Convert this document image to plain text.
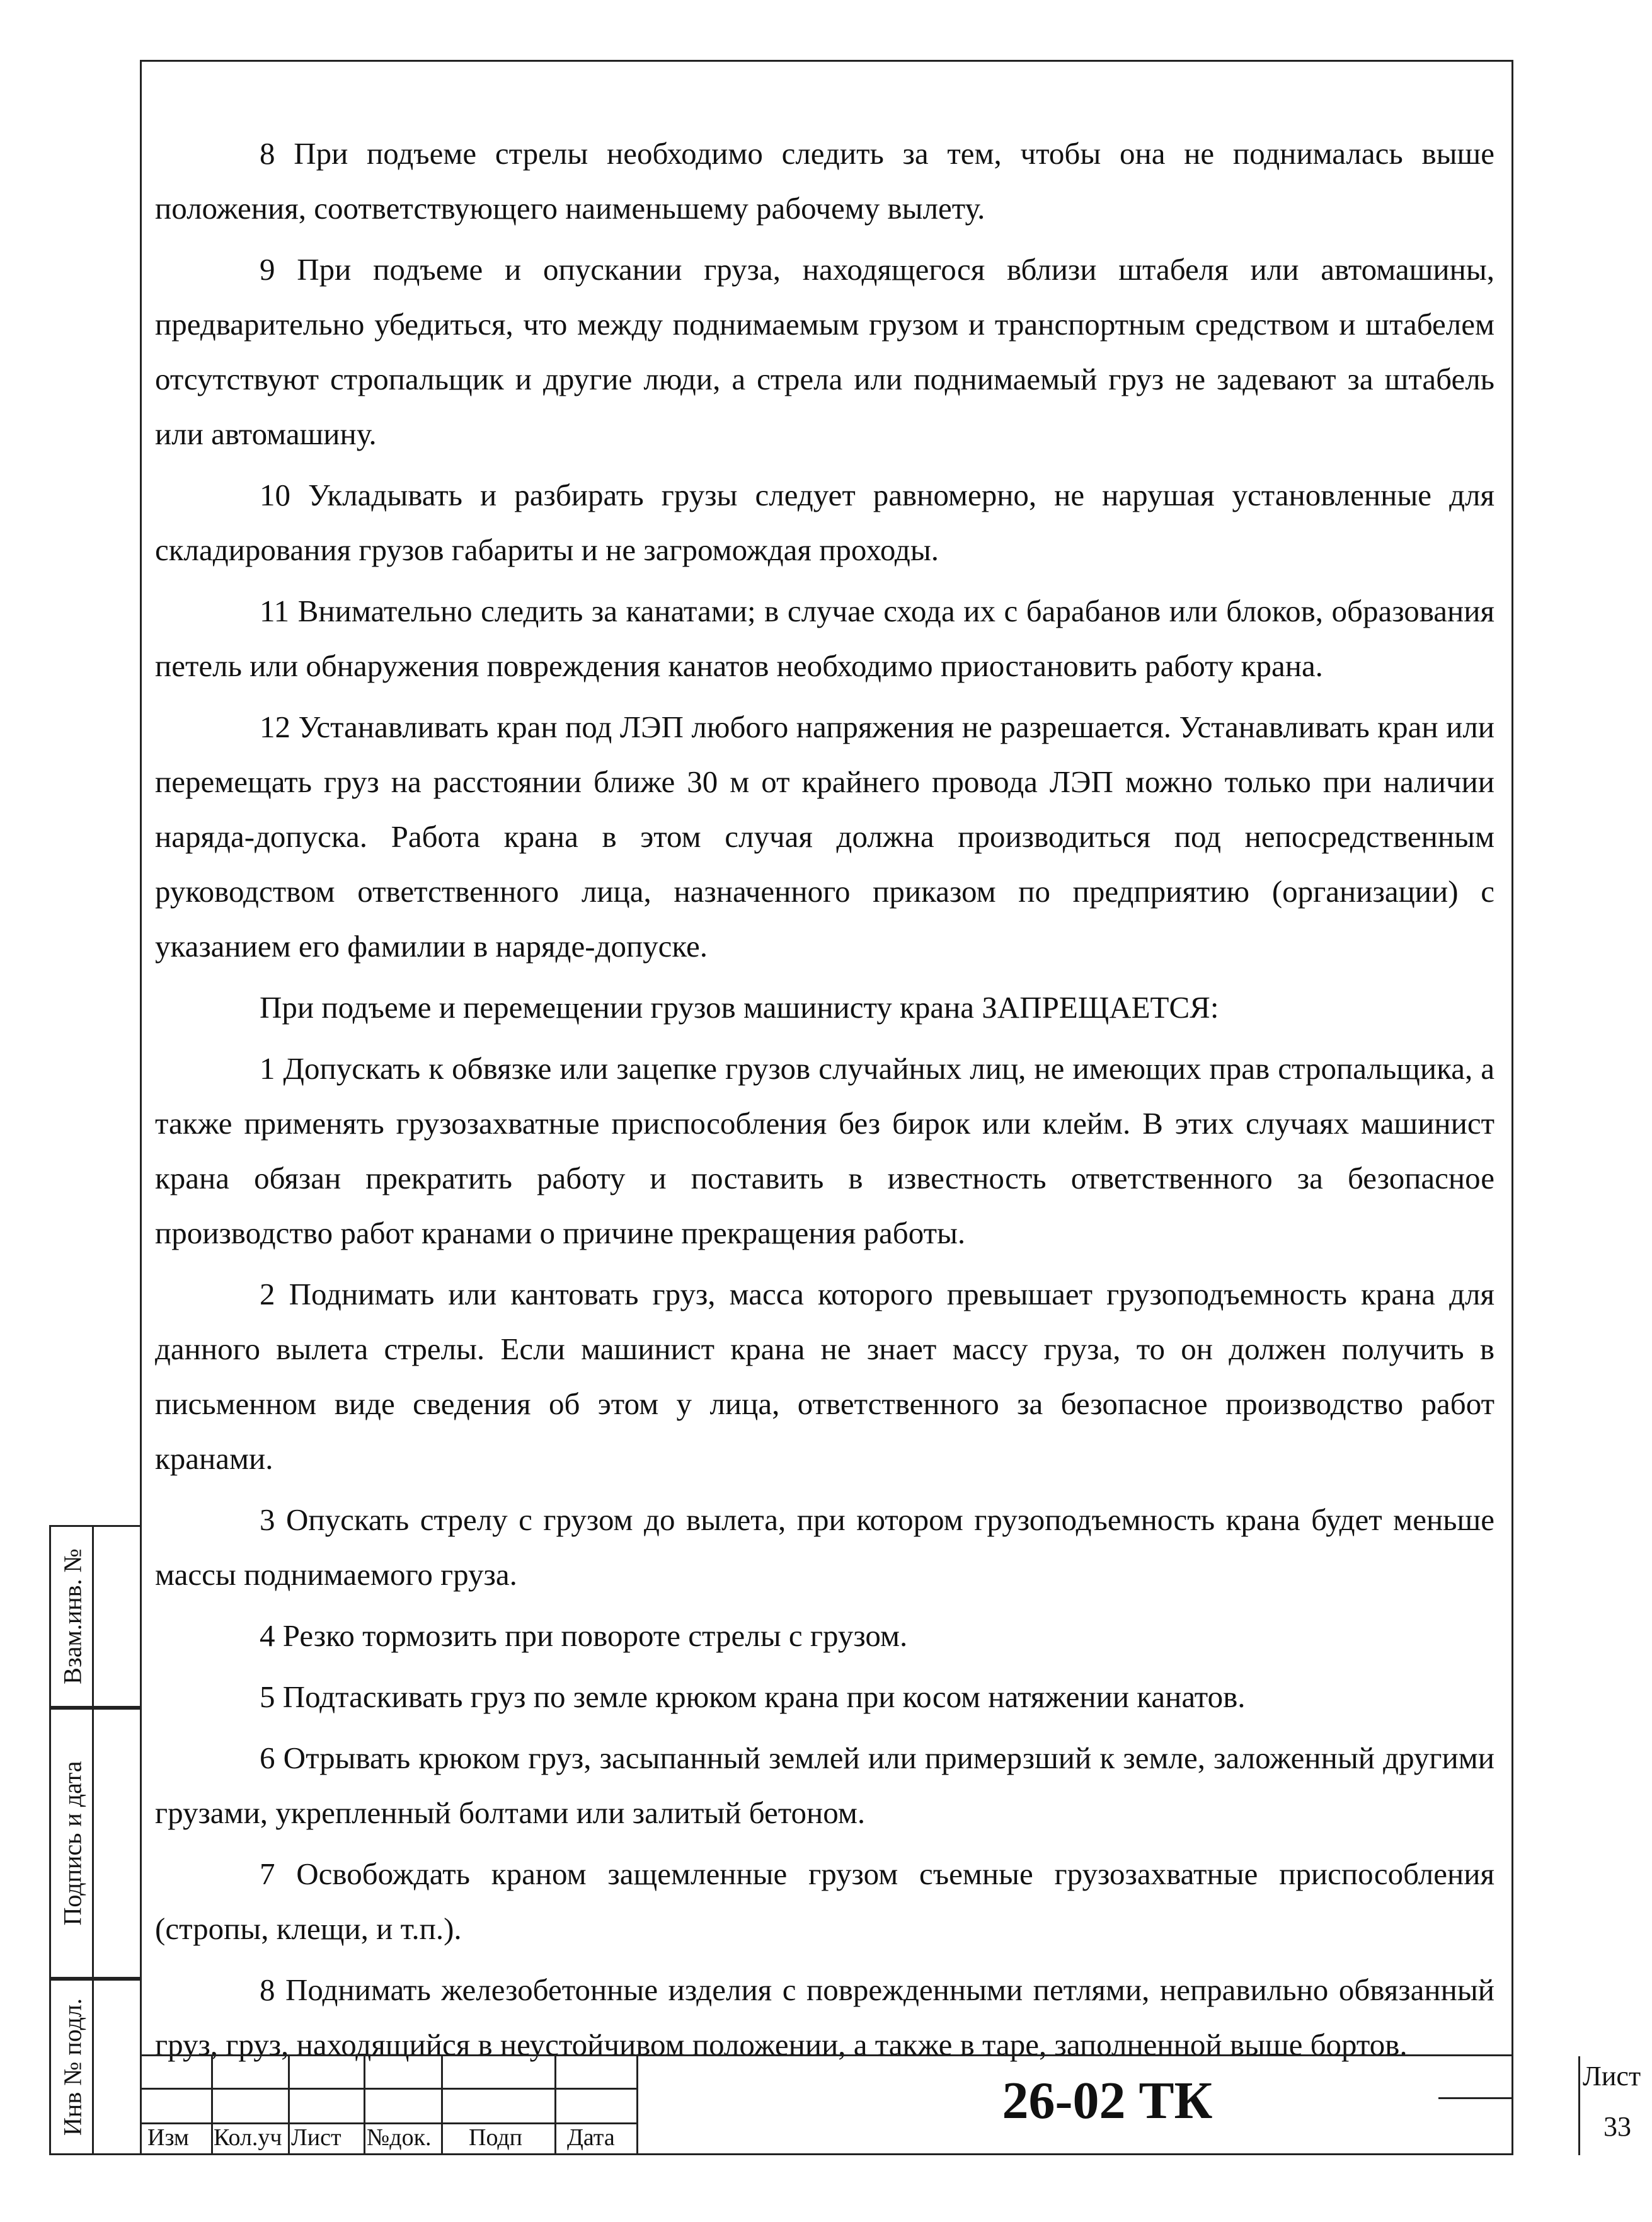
8 При подъеме стрелы необходимо следить за тем, чтобы она не поднималась выше положения, соответствующего наименьшему рабочему вылету.

9 При подъеме и опускании груза, находящегося вблизи штабеля или автомашины, предварительно убедиться, что между поднимаемым грузом и транспортным средством и штабелем отсутствуют стропальщик и другие люди, а стрела или поднимаемый груз не задевают за штабель или автомашину.

10 Укладывать и разбирать грузы следует равномерно, не нарушая установленные для складирования грузов габариты и не загромождая проходы.

11 Внимательно следить за канатами; в случае схода их с барабанов или блоков, образования петель или обнаружения повреждения канатов необходимо приостановить работу крана.

12 Устанавливать кран под ЛЭП любого напряжения не разрешается. Устанавливать кран или перемещать груз на расстоянии ближе 30 м от крайнего провода ЛЭП можно только при наличии наряда-допуска. Работа крана в этом случая должна производиться под непосредственным руководством ответственного лица, назначенного приказом по предприятию (организации) с указанием его фамилии в наряде-допуске.

При подъеме и перемещении грузов машинисту крана ЗАПРЕЩАЕТСЯ:

1 Допускать к обвязке или зацепке грузов случайных лиц, не имеющих прав стропальщика, а также применять грузозахватные приспособления без бирок или клейм. В этих случаях машинист крана обязан прекратить работу и поставить в известность ответственного за безопасное производство работ кранами о причине прекращения работы.

2 Поднимать или кантовать груз, масса которого превышает грузоподъемность крана для данного вылета стрелы. Если машинист крана не знает массу груза, то он должен получить в письменном виде сведения об этом у лица, ответственного за безопасное производство работ кранами.

3 Опускать стрелу с грузом до вылета, при котором грузоподъемность крана будет меньше массы поднимаемого груза.

4 Резко тормозить при повороте стрелы с грузом.

5 Подтаскивать груз по земле крюком крана при косом натяжении канатов.

6 Отрывать крюком груз, засыпанный землей или примерзший к земле, заложенный другими грузами, укрепленный болтами или залитый бетоном.

7 Освобождать краном защемленные грузом съемные грузозахватные приспособления (стропы, клещи, и т.п.).

8 Поднимать железобетонные изделия с поврежденными петлями, неправильно обвязанный груз, груз, находящийся в неустойчивом положении, а также в таре, заполненной выше бортов.

Взам.инв. №
Подпись и дата
Инв № подл.
Изм Кол.уч Лист №док. Подп Дата
26-02 ТК	Лист
33
